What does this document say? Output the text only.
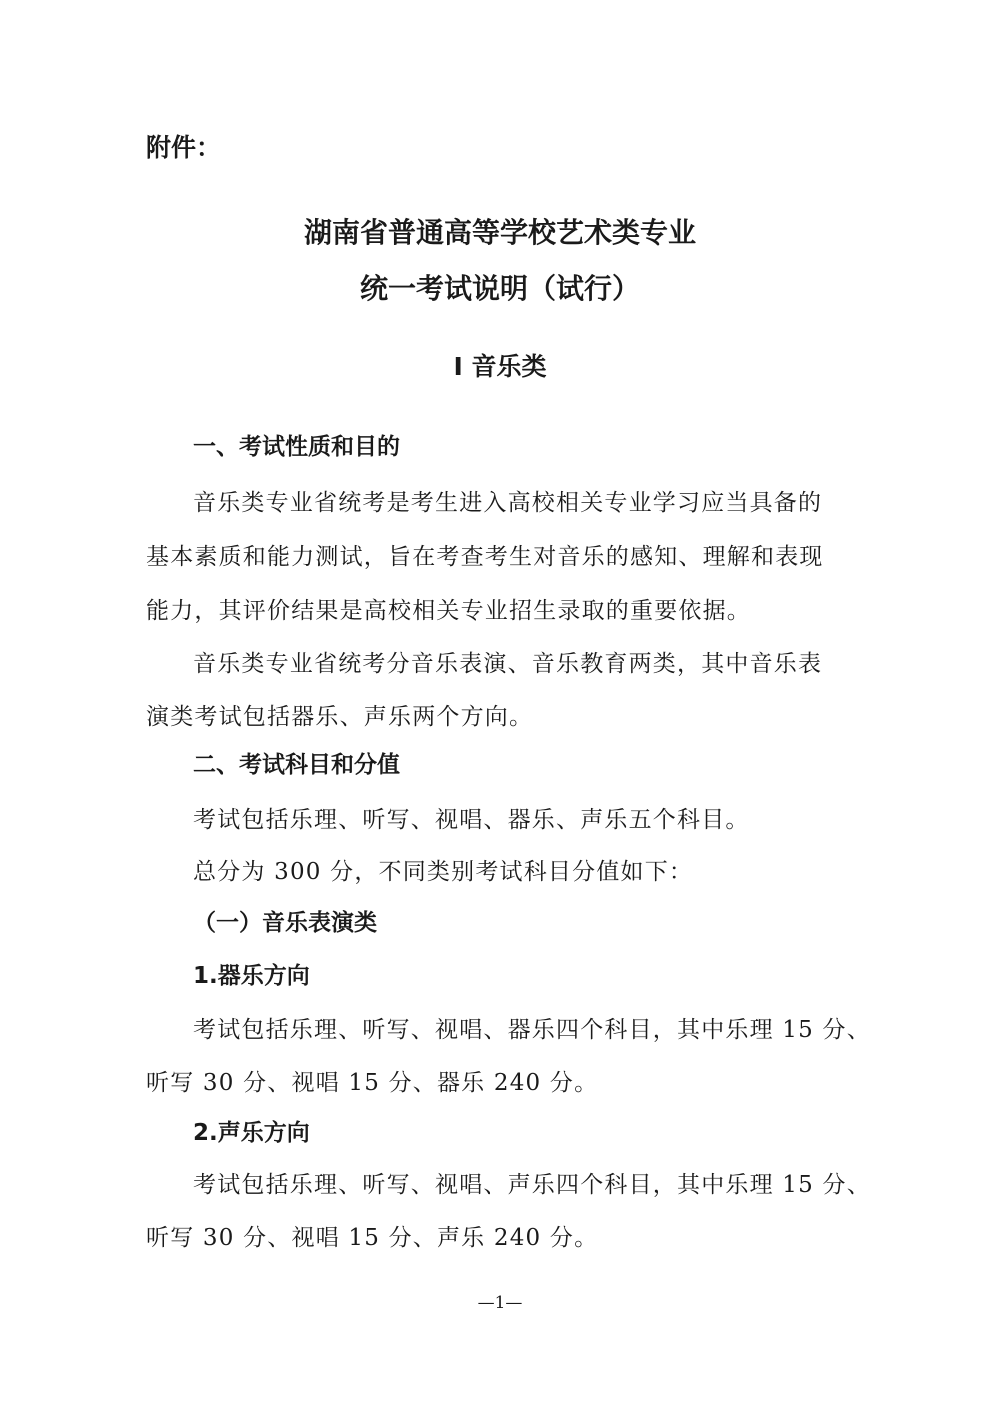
附件：
湖南省普通高等学校艺术类专业
统一考试说明（试行）
I 音乐类
一、考试性质和目的
音乐类专业省统考是考生进入高校相关专业学习应当具备的
基本素质和能力测试，旨在考查考生对音乐的感知、理解和表现
能力，其评价结果是高校相关专业招生录取的重要依据。
音乐类专业省统考分音乐表演、音乐教育两类，其中音乐表
演类考试包括器乐、声乐两个方向。
二、考试科目和分值
考试包括乐理、听写、视唱、器乐、声乐五个科目。
总分为 300 分，不同类别考试科目分值如下：
（一）音乐表演类
1.器乐方向
考试包括乐理、听写、视唱、器乐四个科目，其中乐理 15 分、
听写 30 分、视唱 15 分、器乐 240 分。
2.声乐方向
考试包括乐理、听写、视唱、声乐四个科目，其中乐理 15 分、
听写 30 分、视唱 15 分、声乐 240 分。
—1—
